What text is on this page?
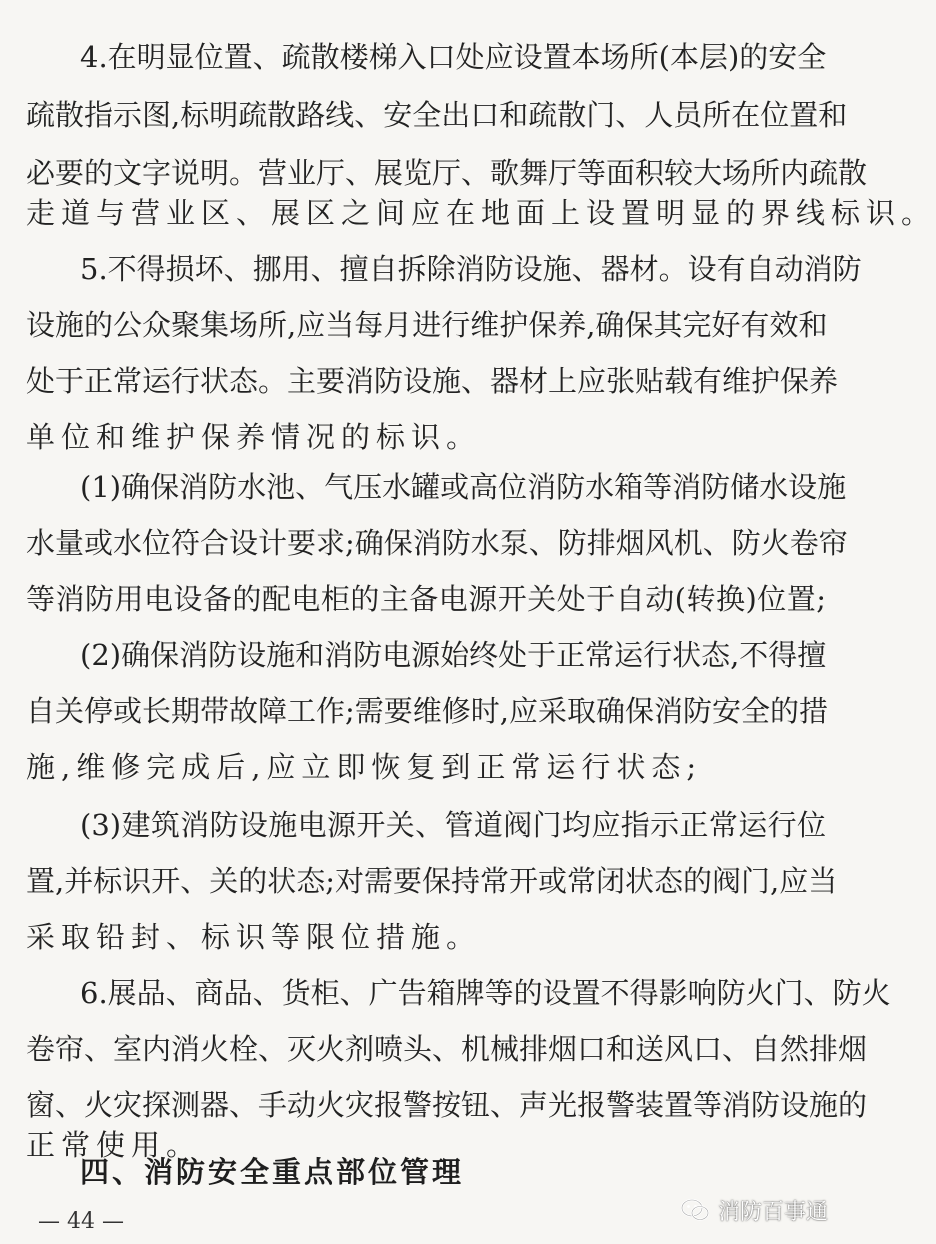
4.在明显位置、疏散楼梯入口处应设置本场所(本层)的安全
疏散指示图,标明疏散路线、安全出口和疏散门、人员所在位置和
必要的文字说明。营业厅、展览厅、歌舞厅等面积较大场所内疏散
走道与营业区、展区之间应在地面上设置明显的界线标识。
5.不得损坏、挪用、擅自拆除消防设施、器材。设有自动消防
设施的公众聚集场所,应当每月进行维护保养,确保其完好有效和
处于正常运行状态。主要消防设施、器材上应张贴载有维护保养
单位和维护保养情况的标识。
(1)确保消防水池、气压水罐或高位消防水箱等消防储水设施
水量或水位符合设计要求;确保消防水泵、防排烟风机、防火卷帘
等消防用电设备的配电柜的主备电源开关处于自动(转换)位置;
(2)确保消防设施和消防电源始终处于正常运行状态,不得擅
自关停或长期带故障工作;需要维修时,应采取确保消防安全的措
施,维修完成后,应立即恢复到正常运行状态;
(3)建筑消防设施电源开关、管道阀门均应指示正常运行位
置,并标识开、关的状态;对需要保持常开或常闭状态的阀门,应当
采取铅封、标识等限位措施。
6.展品、商品、货柜、广告箱牌等的设置不得影响防火门、防火
卷帘、室内消火栓、灭火剂喷头、机械排烟口和送风口、自然排烟
窗、火灾探测器、手动火灾报警按钮、声光报警装置等消防设施的
正常使用。
四、消防安全重点部位管理
— 44 —	消防百事通
